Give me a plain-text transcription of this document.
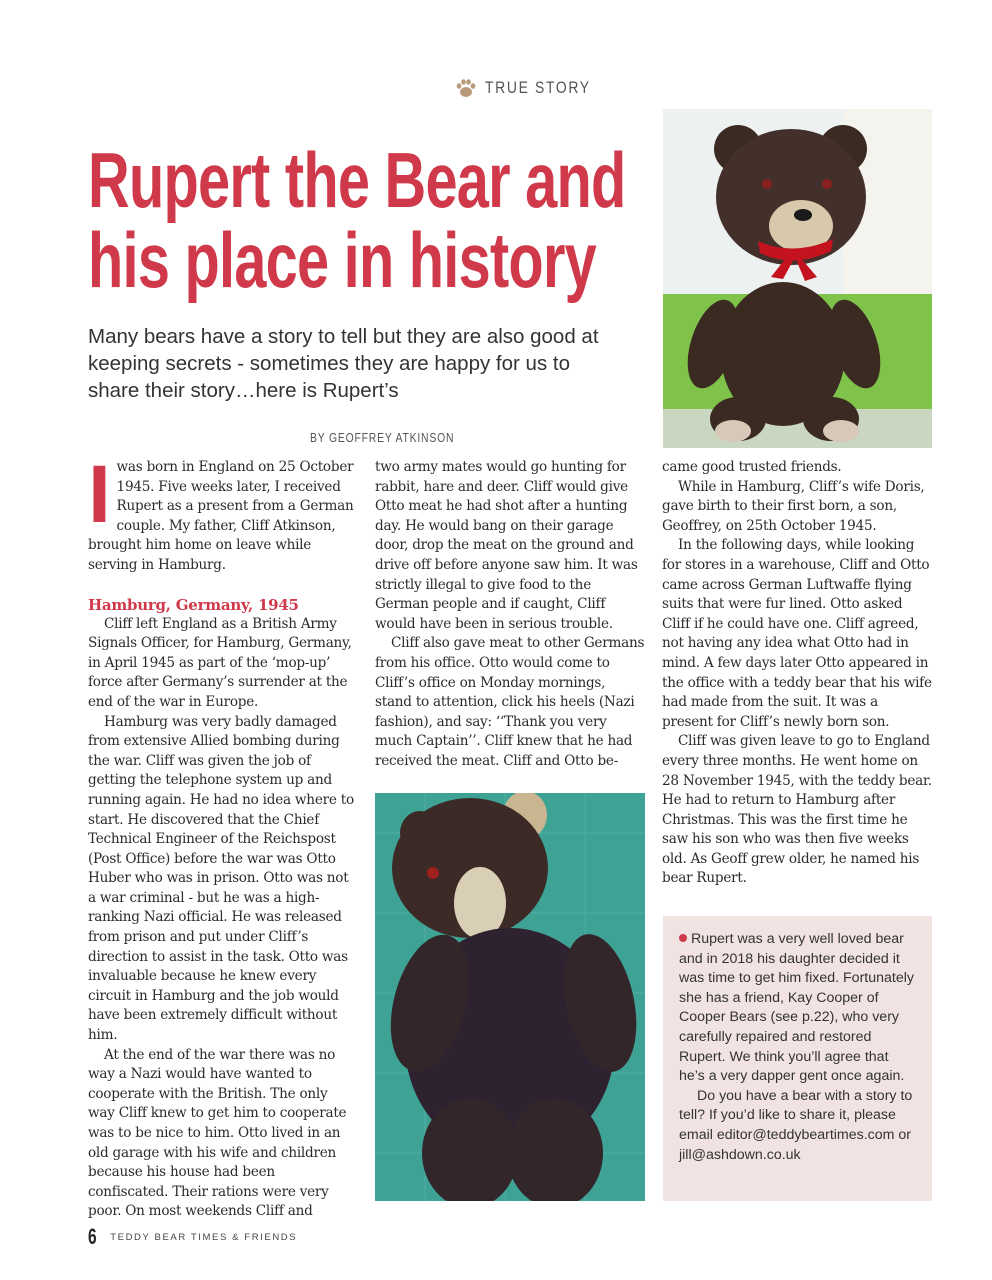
TRUE STORY
Rupert the Bear and
his place in history

Many bears have a story to tell but they are also good at keeping secrets - sometimes they are happy for us to share their story…here is Rupert’s

BY GEOFFREY ATKINSON
I was born in England on 25 October 1945. Five weeks later, I received Rupert as a present from a German couple. My father, Cliff Atkinson, brought him home on leave while serving in Hamburg.

Hamburg, Germany, 1945

Cliff left England as a British Army Signals Officer, for Hamburg, Germany, in April 1945 as part of the ‘mop-up’ force after Germany’s surrender at the end of the war in Europe.

Hamburg was very badly damaged from extensive Allied bombing during the war. Cliff was given the job of getting the telephone system up and running again. He had no idea where to start. He discovered that the Chief Technical Engineer of the Reichspost (Post Office) before the war was Otto Huber who was in prison. Otto was not a war criminal - but he was a high-ranking Nazi official. He was released from prison and put under Cliff’s direction to assist in the task. Otto was invaluable because he knew every circuit in Hamburg and the job would have been extremely difficult without him.

At the end of the war there was no way a Nazi would have wanted to cooperate with the British. The only way Cliff knew to get him to cooperate was to be nice to him. Otto lived in an old garage with his wife and children because his house had been confiscated. Their rations were very poor. On most weekends Cliff and

two army mates would go hunting for rabbit, hare and deer. Cliff would give Otto meat he had shot after a hunting day. He would bang on their garage door, drop the meat on the ground and drive off before anyone saw him. It was strictly illegal to give food to the German people and if caught, Cliff would have been in serious trouble.

Cliff also gave meat to other Germans from his office. Otto would come to Cliff’s office on Monday mornings, stand to attention, click his heels (Nazi fashion), and say: ‘‘Thank you very much Captain’’. Cliff knew that he had received the meat. Cliff and Otto be-

came good trusted friends.

While in Hamburg, Cliff’s wife Doris, gave birth to their first born, a son, Geoffrey, on 25th October 1945.

In the following days, while looking for stores in a warehouse, Cliff and Otto came across German Luftwaffe flying suits that were fur lined. Otto asked Cliff if he could have one. Cliff agreed, not having any idea what Otto had in mind. A few days later Otto appeared in the office with a teddy bear that his wife had made from the suit. It was a present for Cliff’s newly born son.

Cliff was given leave to go to England every three months. He went home on 28 November 1945, with the teddy bear. He had to return to Hamburg after Christmas. This was the first time he saw his son who was then five weeks old. As Geoff grew older, he named his bear Rupert.

Rupert was a very well loved bear and in 2018 his daughter decided it was time to get him fixed. Fortunately she has a friend, Kay Cooper of Cooper Bears (see p.22), who very carefully repaired and restored Rupert. We think you’ll agree that he’s a very dapper gent once again.

Do you have a bear with a story to tell? If you’d like to share it, please email editor@teddybeartimes.com or jill@ashdown.co.uk

6 TEDDY BEAR TIMES & FRIENDS
